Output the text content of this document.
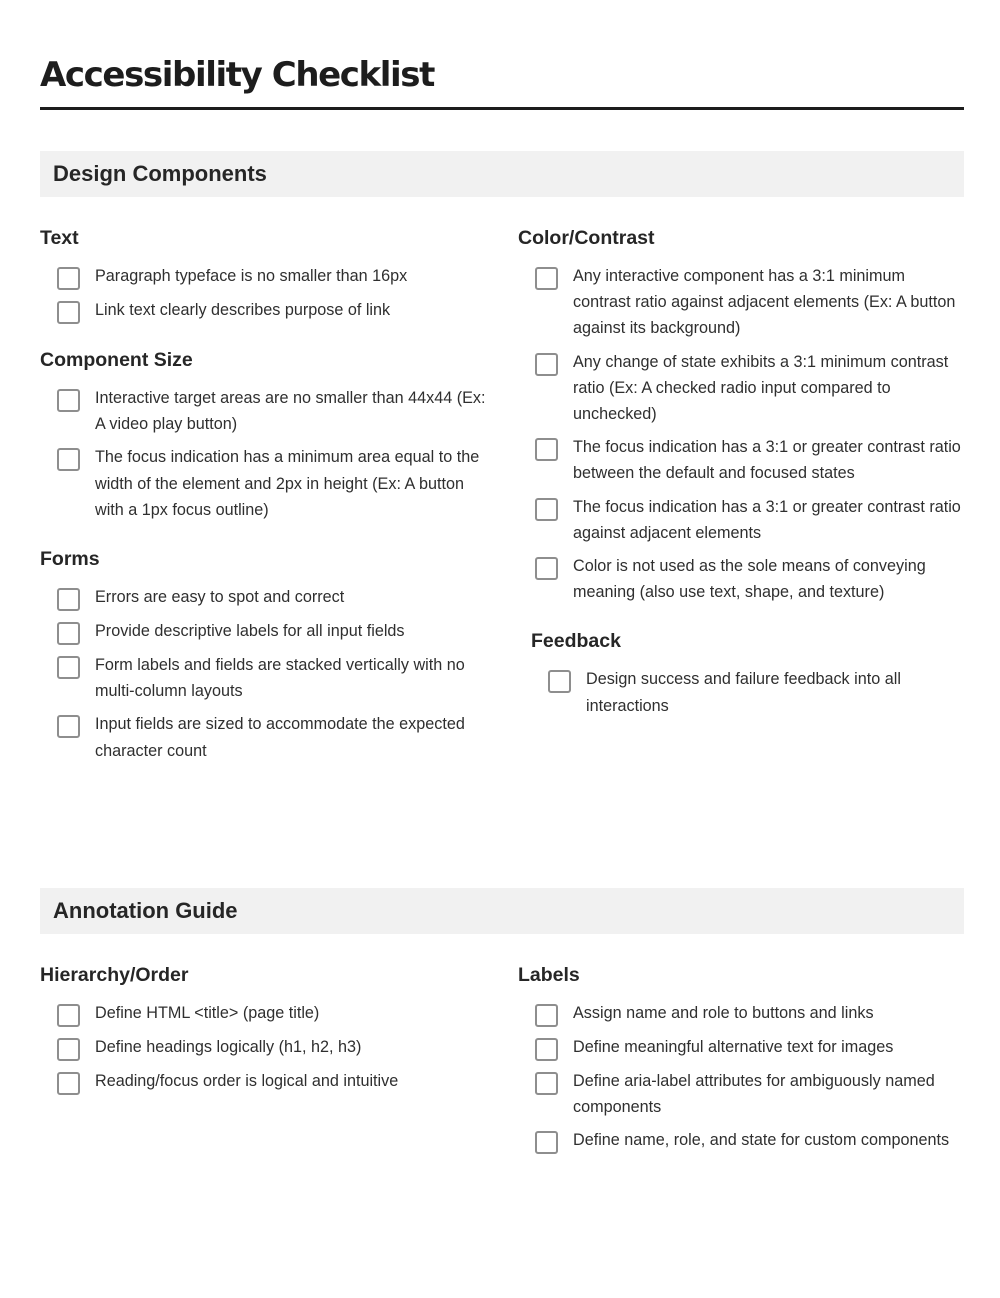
Accessibility Checklist
Design Components
Text
Paragraph typeface is no smaller than 16px
Link text clearly describes purpose of link
Component Size
Interactive target areas are no smaller than 44x44 (Ex: A video play button)
The focus indication has a minimum area equal to the width of the element and 2px in height (Ex: A button with a 1px focus outline)
Forms
Errors are easy to spot and correct
Provide descriptive labels for all input fields
Form labels and fields are stacked vertically with no multi-column layouts
Input fields are sized to accommodate the expected character count
Color/Contrast
Any interactive component has a 3:1 minimum contrast ratio against adjacent elements (Ex: A button against its background)
Any change of state exhibits a 3:1 minimum contrast ratio (Ex: A checked radio input compared to unchecked)
The focus indication has a 3:1 or greater contrast ratio between the default and focused states
The focus indication has a 3:1 or greater contrast ratio against adjacent elements
Color is not used as the sole means of conveying meaning (also use text, shape, and texture)
Feedback
Design success and failure feedback into all interactions
Annotation Guide
Hierarchy/Order
Define HTML <title> (page title)
Define headings logically (h1, h2, h3)
Reading/focus order is logical and intuitive
Labels
Assign name and role to buttons and links
Define meaningful alternative text for images
Define aria-label attributes for ambiguously named components
Define name, role, and state for custom components
